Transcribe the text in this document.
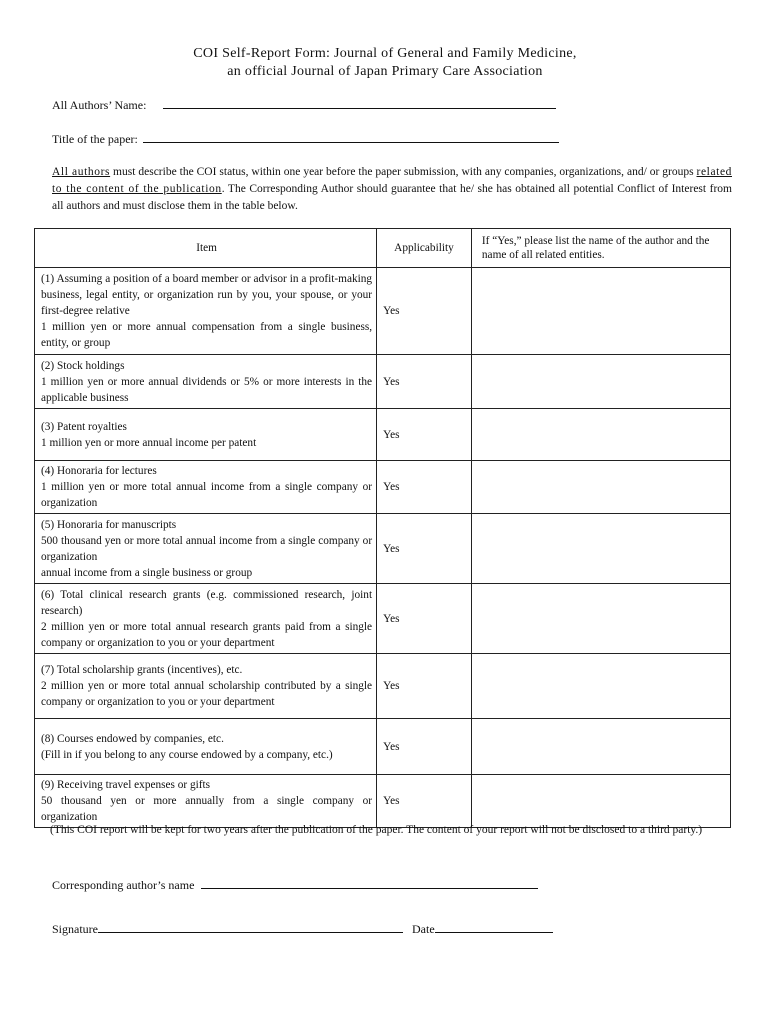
COI Self-Report Form: Journal of General and Family Medicine,
an official Journal of Japan Primary Care Association
All Authors’ Name:
Title of the paper:
All authors must describe the COI status, within one year before the paper submission, with any companies, organizations, and/ or groups related to the content of the publication. The Corresponding Author should guarantee that he/ she has obtained all potential Conflict of Interest from all authors and must disclose them in the table below.
Item	Applicability	If “Yes,” please list the name of the author and the name of all related entities.

(1) Assuming a position of a board member or advisor in a profit-making business, legal entity, or organization run by you, your spouse, or your first-degree relative
1 million yen or more annual compensation from a single business, entity, or group	Yes	

(2) Stock holdings
1 million yen or more annual dividends or 5% or more interests in the applicable business	Yes	

(3) Patent royalties
1 million yen or more annual income per patent	Yes	

(4) Honoraria for lectures
1 million yen or more total annual income from a single company or organization	Yes	

(5) Honoraria for manuscripts
500 thousand yen or more total annual income from a single company or organization
annual income from a single business or group	Yes	

(6) Total clinical research grants (e.g. commissioned research, joint research)
2 million yen or more total annual research grants paid from a single company or organization to you or your department	Yes	

(7) Total scholarship grants (incentives), etc.
2 million yen or more total annual scholarship contributed by a single company or organization to you or your department	Yes	

(8) Courses endowed by companies, etc.
(Fill in if you belong to any course endowed by a company, etc.)	Yes	

(9) Receiving travel expenses or gifts
50 thousand yen or more annually from a single company or organization	Yes	
(This COI report will be kept for two years after the publication of the paper. The content of your report will not be disclosed to a third party.)
Corresponding author’s name
Signature	Date
